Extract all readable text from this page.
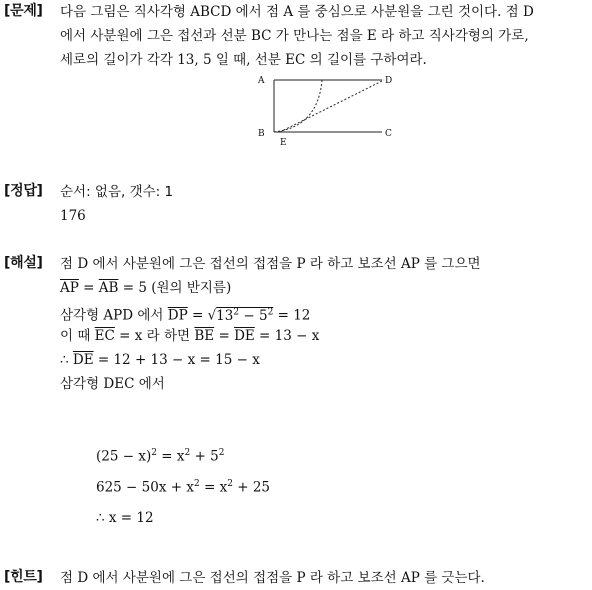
[문제] 다음 그림은 직사각형 ABCD 에서 점 A 를 중심으로 사분원을 그린 것이다. 점 D
에서 사분원에 그은 접선과 선분 BC 가 만나는 점을 E 라 하고 직사각형의 가로,
세로의 길이가 각각 13, 5 일 때, 선분 EC 의 길이를 구하여라.
A	D
B	C
E
[정답] 순서: 없음, 갯수: 1
176
[해설] 점 D 에서 사분원에 그은 접선의 접점을 P 라 하고 보조선 AP 를 그으면
$\overline{AP} = \overline{AB} = 5$ (원의 반지름)
삼각형 APD 에서 $\overline{DP} = √13^2 - 5^2 = 12$
이 때 $\overline{EC} = x$ 라 하면 $\overline{BE} = \overline{DE} = 13 - x$
∴ $\overline{DE} = 12 + 13 - x = 15 - x$
삼각형 DEC 에서
$(25 - x)^2 = x^2 + 5^2$
$625 - 50x + x^2 = x^2 + 25$
∴ x = 12
[힌트] 점 D 에서 사분원에 그은 접선의 접점을 P 라 하고 보조선 AP 를 긋는다.
